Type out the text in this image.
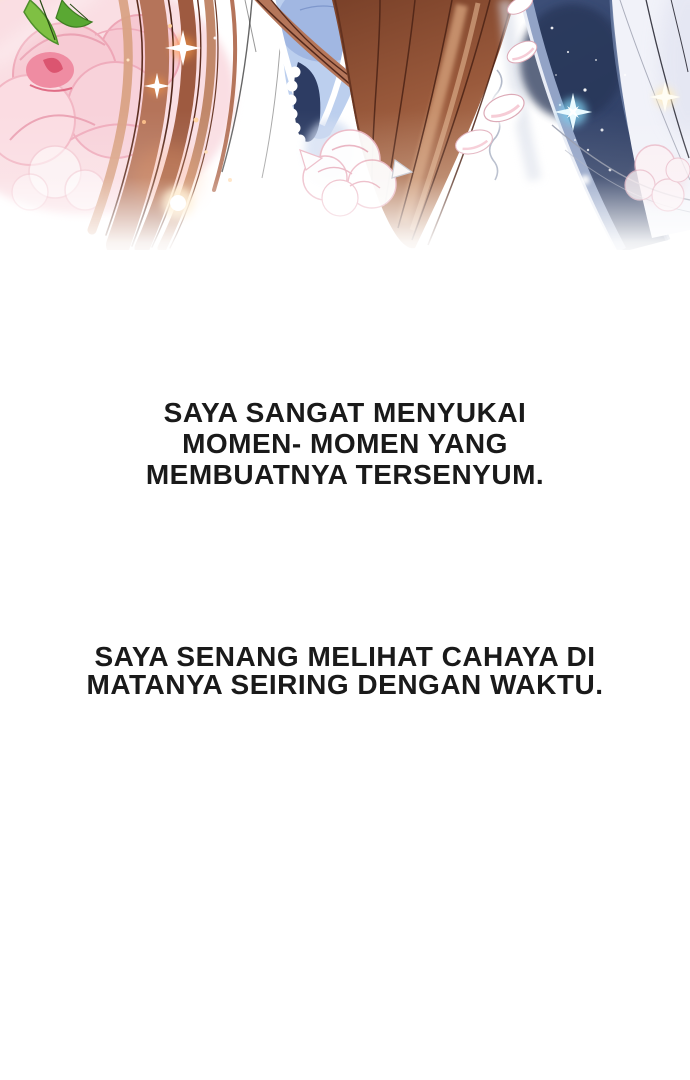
SAYA SANGAT MENYUKAI
MOMEN- MOMEN YANG
MEMBUATNYA TERSENYUM.
SAYA SENANG MELIHAT CAHAYA DI
MATANYA SEIRING DENGAN WAKTU.
